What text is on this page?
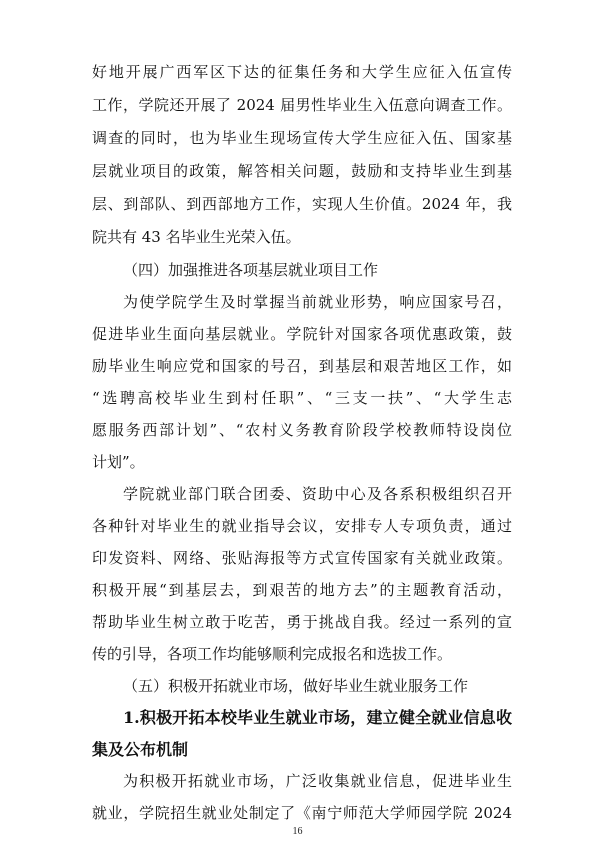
好地开展广西军区下达的征集任务和大学生应征入伍宣传
工作，学院还开展了 2024 届男性毕业生入伍意向调查工作。
调查的同时，也为毕业生现场宣传大学生应征入伍、国家基
层就业项目的政策，解答相关问题，鼓励和支持毕业生到基
层、到部队、到西部地方工作，实现人生价值。2024 年，我
院共有 43 名毕业生光荣入伍。
（四）加强推进各项基层就业项目工作
为使学院学生及时掌握当前就业形势，响应国家号召，
促进毕业生面向基层就业。学院针对国家各项优惠政策，鼓
励毕业生响应党和国家的号召，到基层和艰苦地区工作，如
“选聘高校毕业生到村任职”、“三支一扶”、“大学生志
愿服务西部计划”、“农村义务教育阶段学校教师特设岗位
计划”。
学院就业部门联合团委、资助中心及各系积极组织召开
各种针对毕业生的就业指导会议，安排专人专项负责，通过
印发资料、网络、张贴海报等方式宣传国家有关就业政策。
积极开展“到基层去，到艰苦的地方去”的主题教育活动，
帮助毕业生树立敢于吃苦，勇于挑战自我。经过一系列的宣
传的引导，各项工作均能够顺利完成报名和选拔工作。
（五）积极开拓就业市场，做好毕业生就业服务工作
1.积极开拓本校毕业生就业市场，建立健全就业信息收
集及公布机制
为积极开拓就业市场，广泛收集就业信息，促进毕业生
就业，学院招生就业处制定了《南宁师范大学师园学院 2024
16
